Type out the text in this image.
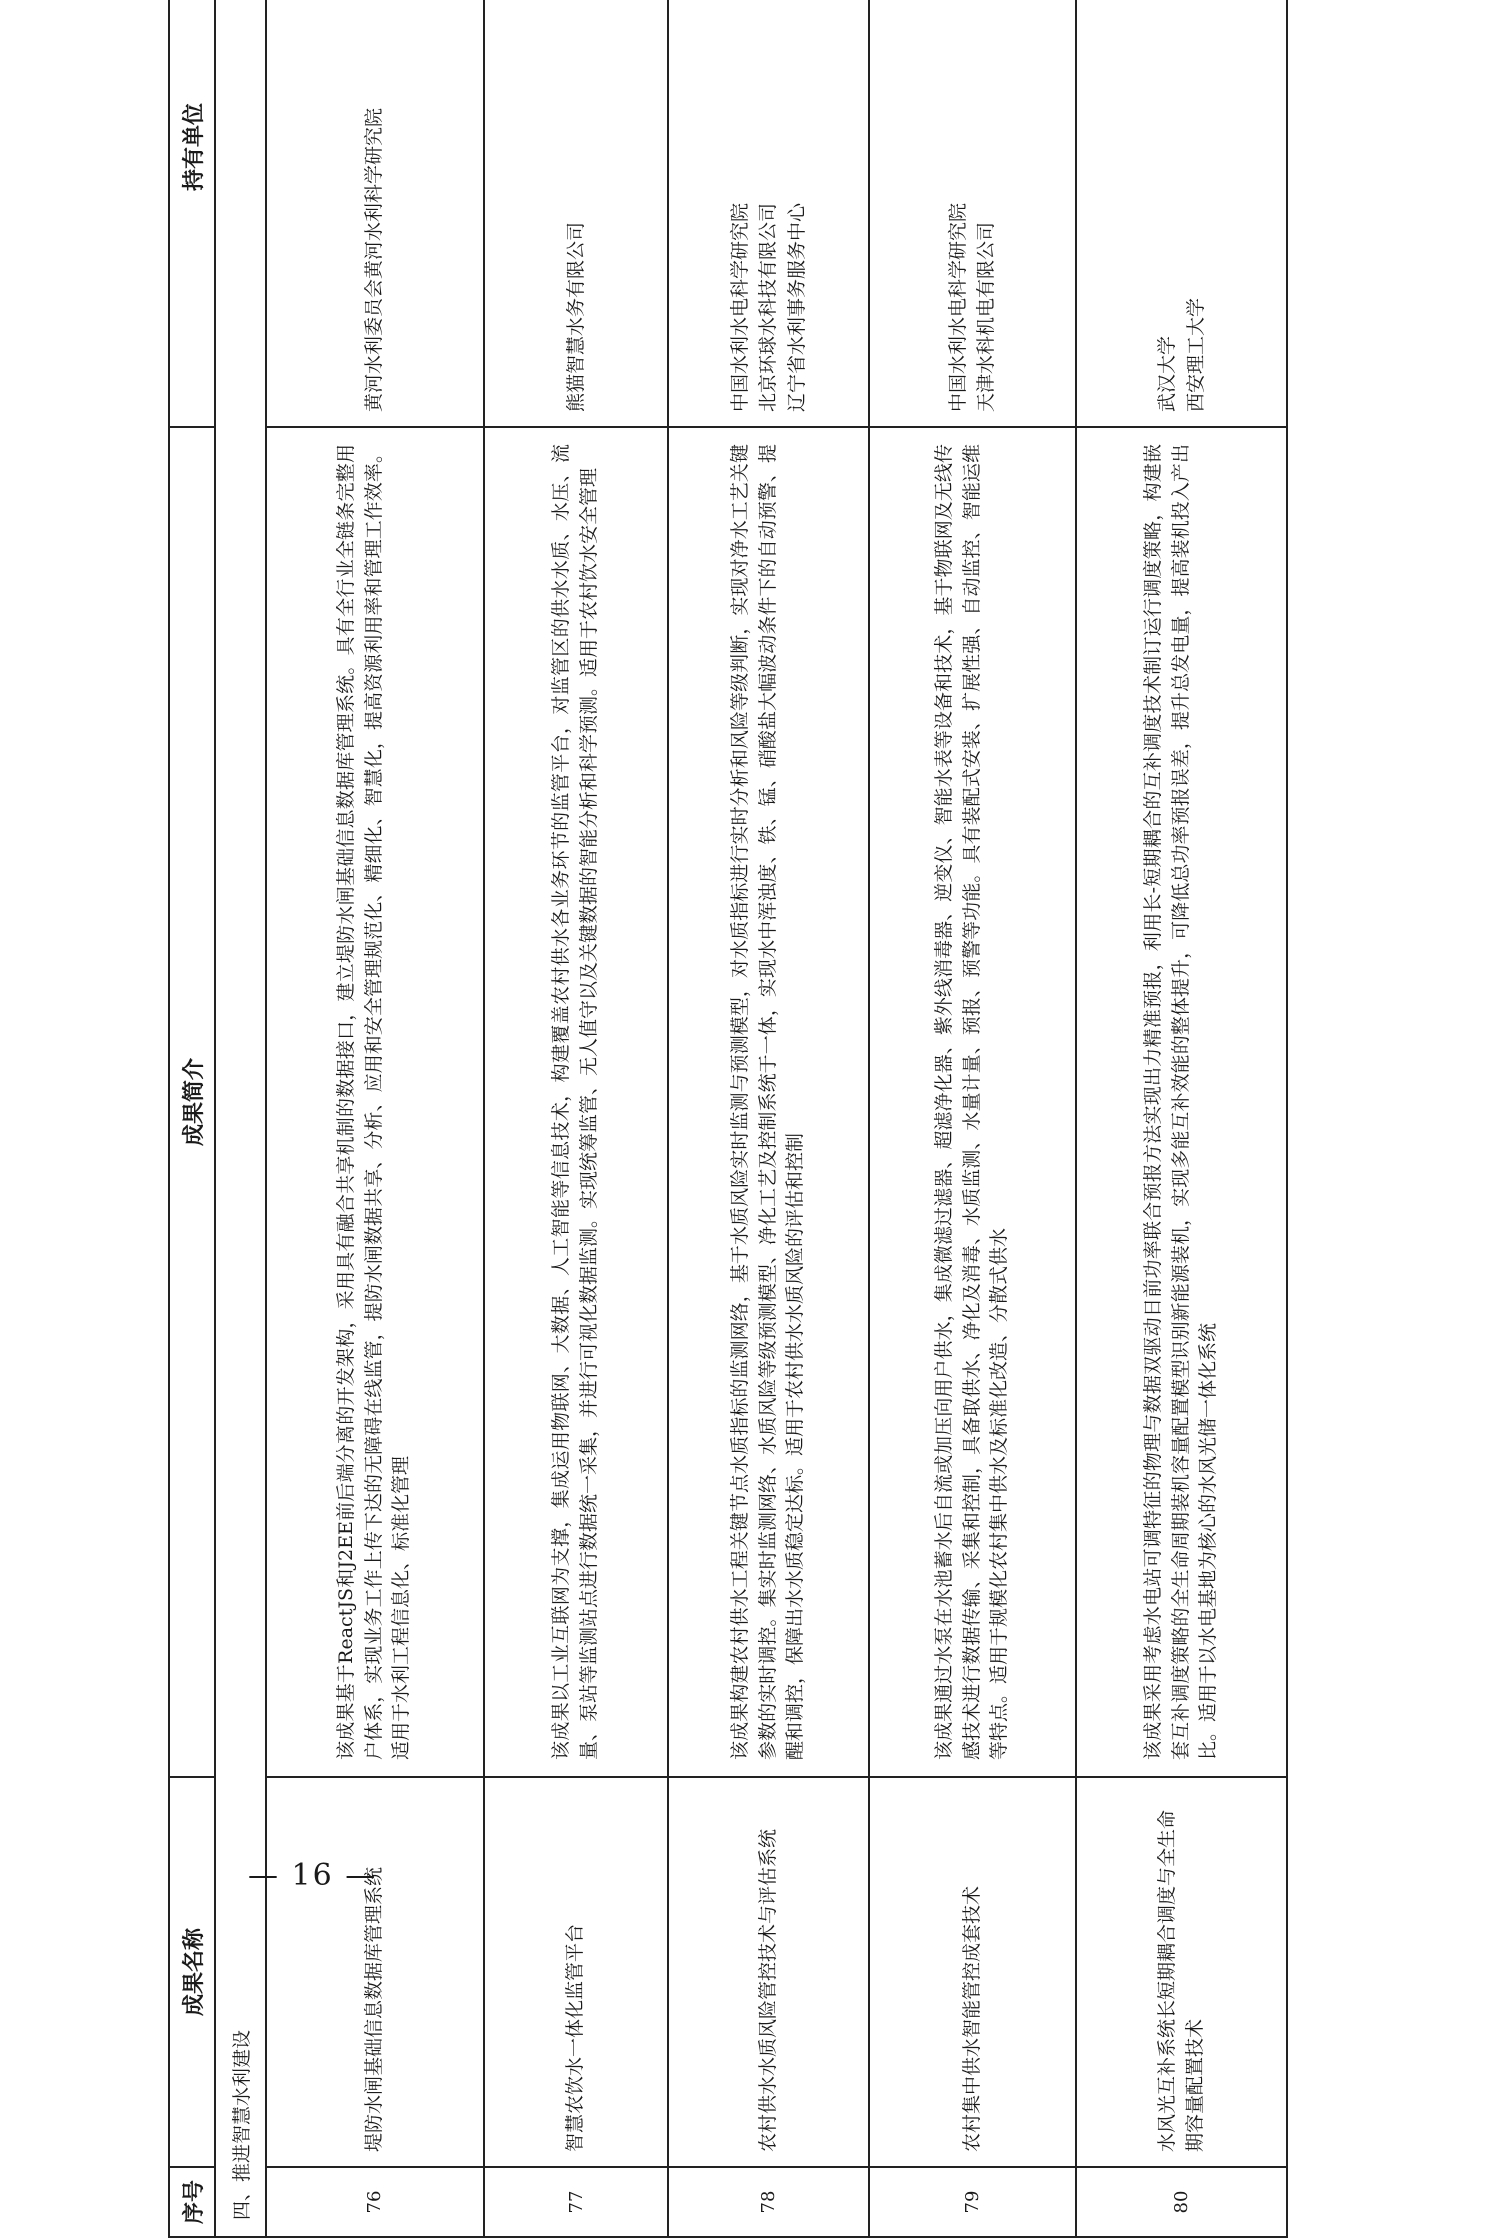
序号	成果名称	成果简介	持有单位
四、推进智慧水利建设			
76	堤防水闸基础信息数据库管理系统	该成果基于ReactJS和J2EE前后端分离的开发架构，采用具有融合共享机制的数据接口，建立堤防水闸基础信息数据库管理系统。具有全行业全链条完整用户体系，实现业务工作上传下达的无障碍在线监管，提防水闸数据共享、分析、应用和安全管理规范化、精细化、智慧化，提高资源利用率和管理工作效率。适用于水利工程信息化、标准化管理	黄河水利委员会黄河水利科学研究院
77	智慧农饮水一体化监管平台	该成果以工业互联网为支撑，集成运用物联网、大数据、人工智能等信息技术，构建覆盖农村供水各业务环节的监管平台，对监管区的供水水质、水压、流量、泵站等监测站点进行数据统一采集，并进行可视化数据监测。实现统筹监管、无人值守以及关键数据的智能分析和科学预测。适用于农村饮水安全管理	熊猫智慧水务有限公司
78	农村供水水质风险管控技术与评估系统	该成果构建农村供水工程关键节点水质指标的监测网络，基于水质风险实时监测与预测模型，对水质指标进行实时分析和风险等级判断，实现对净水工艺关键参数的实时调控。集实时监测网络、水质风险等级预测模型、净化工艺及控制系统于一体，实现水中浑浊度、铁、锰、硝酸盐大幅波动条件下的自动预警、提醒和调控，保障出水水质稳定达标。适用于农村供水水质风险的评估和控制	中国水利水电科学研究院
北京环球水科技有限公司
辽宁省水利事务服务中心
79	农村集中供水智能管控成套技术	该成果通过水泵在水池蓄水后自流或加压向用户供水，集成微滤过滤器、超滤净化器、紫外线消毒器、逆变仪、智能水表等设备和技术，基于物联网及无线传感技术进行数据传输、采集和控制，具备取供水、净化及消毒、水质监测、水量计量、预报、预警等功能。具有装配式安装、扩展性强、自动监控、智能运维等特点。适用于规模化农村集中供水及标准化改造、分散式供水	中国水利水电科学研究院
天津水科机电有限公司
80	水风光互补系统长短期耦合调度与全生命期容量配置技术	该成果采用考虑水电站可调特征的物理与数据双驱动日前功率联合预报方法实现出力精准预报，利用长-短期耦合的互补调度技术制订运行调度策略，构建嵌套互补调度策略的全生命周期装机容量配置模型识别新能源装机，实现多能互补效能的整体提升，可降低总功率预报误差，提升总发电量，提高装机投入产出比。适用于以水电基地为核心的水风光储一体化系统	武汉大学
西安理工大学
— 16 —
